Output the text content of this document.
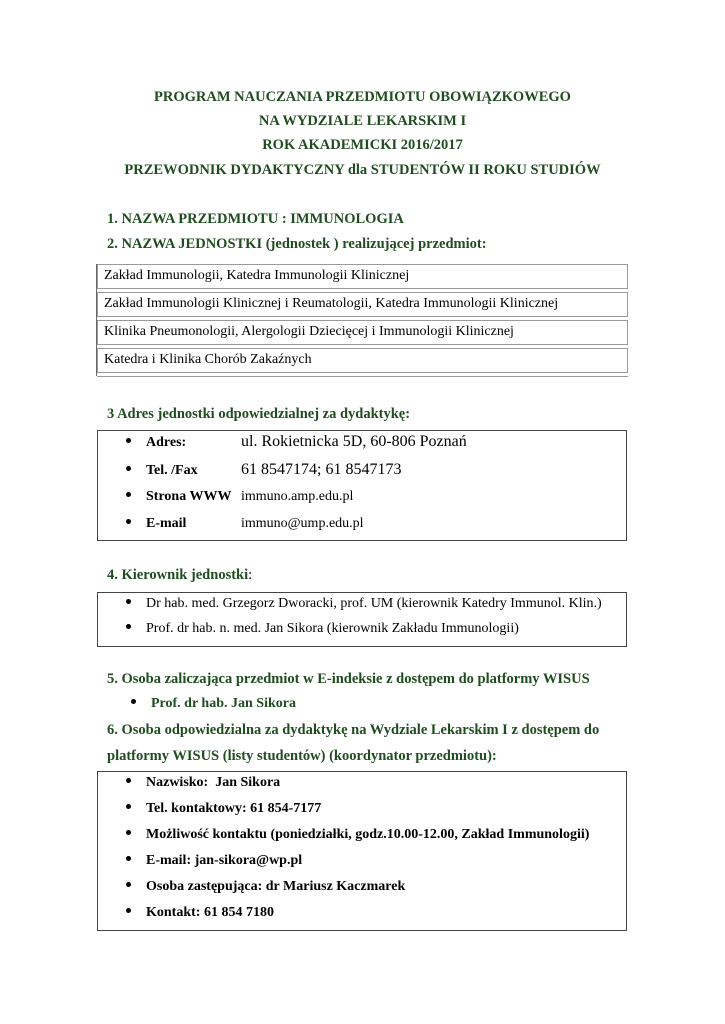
PROGRAM NAUCZANIA PRZEDMIOTU OBOWIĄZKOWEGO
NA WYDZIALE LEKARSKIM I
ROK AKADEMICKI 2016/2017
PRZEWODNIK DYDAKTYCZNY dla STUDENTÓW II ROKU STUDIÓW
1. NAZWA PRZEDMIOTU : IMMUNOLOGIA
2. NAZWA JEDNOSTKI (jednostek ) realizującej przedmiot:
Zakład Immunologii, Katedra Immunologii Klinicznej
Zakład Immunologii Klinicznej i Reumatologii, Katedra Immunologii Klinicznej
Klinika Pneumonologii, Alergologii Dziecięcej i Immunologii Klinicznej
Katedra i Klinika Chorób Zakaźnych
3 Adres jednostki odpowiedzialnej za dydaktykę:
Adres:	ul. Rokietnicka 5D, 60-806 Poznań
Tel. /Fax	61 8547174; 61 8547173
Strona WWW immuno.amp.edu.pl
E-mail	immuno@ump.edu.pl
4. Kierownik jednostki:
Dr hab. med. Grzegorz Dworacki, prof. UM (kierownik Katedry Immunol. Klin.)
Prof. dr hab. n. med. Jan Sikora (kierownik Zakładu Immunologii)
5. Osoba zaliczająca przedmiot w E-indeksie z dostępem do platformy WISUS
Prof. dr hab. Jan Sikora
6. Osoba odpowiedzialna za dydaktykę na Wydziale Lekarskim I z dostępem do
platformy WISUS (listy studentów) (koordynator przedmiotu):
Nazwisko:  Jan Sikora
Tel. kontaktowy: 61 854-7177
Możliwość kontaktu (poniedziałki, godz.10.00-12.00, Zakład Immunologii)
E-mail: jan-sikora@wp.pl
Osoba zastępująca: dr Mariusz Kaczmarek
Kontakt: 61 854 7180
